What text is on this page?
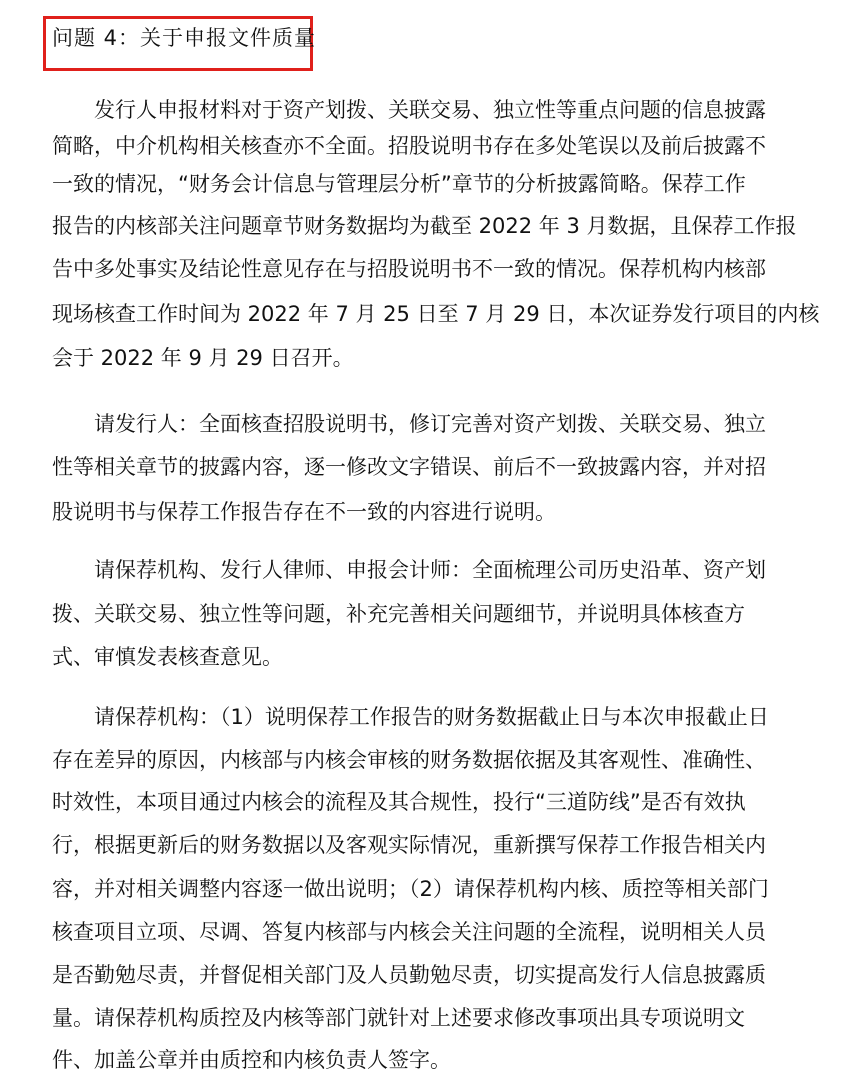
问题 4：关于申报文件质量
发行人申报材料对于资产划拨、关联交易、独立性等重点问题的信息披露
简略，中介机构相关核查亦不全面。招股说明书存在多处笔误以及前后披露不
一致的情况，“财务会计信息与管理层分析”章节的分析披露简略。保荐工作
报告的内核部关注问题章节财务数据均为截至 2022 年 3 月数据，且保荐工作报
告中多处事实及结论性意见存在与招股说明书不一致的情况。保荐机构内核部
现场核查工作时间为 2022 年 7 月 25 日至 7 月 29 日，本次证券发行项目的内核
会于 2022 年 9 月 29 日召开。
请发行人：全面核查招股说明书，修订完善对资产划拨、关联交易、独立
性等相关章节的披露内容，逐一修改文字错误、前后不一致披露内容，并对招
股说明书与保荐工作报告存在不一致的内容进行说明。
请保荐机构、发行人律师、申报会计师：全面梳理公司历史沿革、资产划
拨、关联交易、独立性等问题，补充完善相关问题细节，并说明具体核查方
式、审慎发表核查意见。
请保荐机构：（1）说明保荐工作报告的财务数据截止日与本次申报截止日
存在差异的原因，内核部与内核会审核的财务数据依据及其客观性、准确性、
时效性，本项目通过内核会的流程及其合规性，投行“三道防线”是否有效执
行，根据更新后的财务数据以及客观实际情况，重新撰写保荐工作报告相关内
容，并对相关调整内容逐一做出说明；（2）请保荐机构内核、质控等相关部门
核查项目立项、尽调、答复内核部与内核会关注问题的全流程，说明相关人员
是否勤勉尽责，并督促相关部门及人员勤勉尽责，切实提高发行人信息披露质
量。请保荐机构质控及内核等部门就针对上述要求修改事项出具专项说明文
件、加盖公章并由质控和内核负责人签字。
